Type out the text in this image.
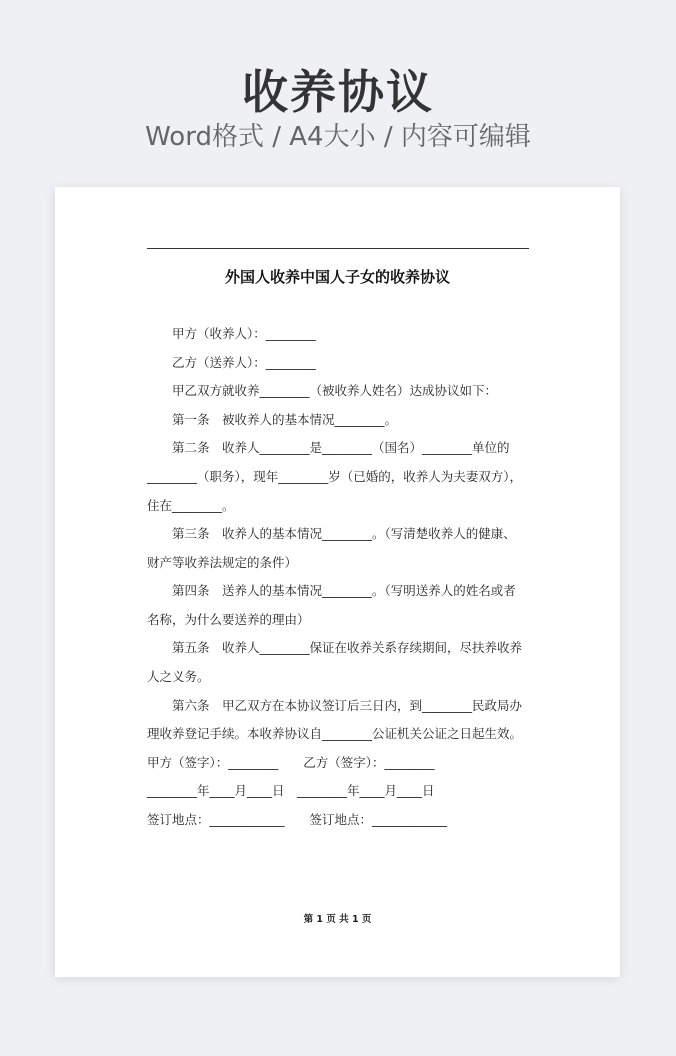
收养协议
Word格式 / A4大小 / 内容可编辑
外国人收养中国人子女的收养协议
甲方（收养人）：________
乙方（送养人）：________
甲乙双方就收养________（被收养人姓名）达成协议如下：
第一条　被收养人的基本情况________。
第二条　收养人________是________（国名）________单位的
________（职务），现年________岁（已婚的，收养人为夫妻双方），
住在________。
第三条　收养人的基本情况________。（写清楚收养人的健康、
财产等收养法规定的条件）
第四条　送养人的基本情况________。（写明送养人的姓名或者
名称，为什么要送养的理由）
第五条　收养人________保证在收养关系存续期间，尽扶养收养
人之义务。
第六条　甲乙双方在本协议签订后三日内，到________民政局办
理收养登记手续。本收养协议自________公证机关公证之日起生效。
甲方（签字）：________　　乙方（签字）：________
________年____月____日　________年____月____日
签订地点：____________　　签订地点：____________
第 1 页 共 1 页
